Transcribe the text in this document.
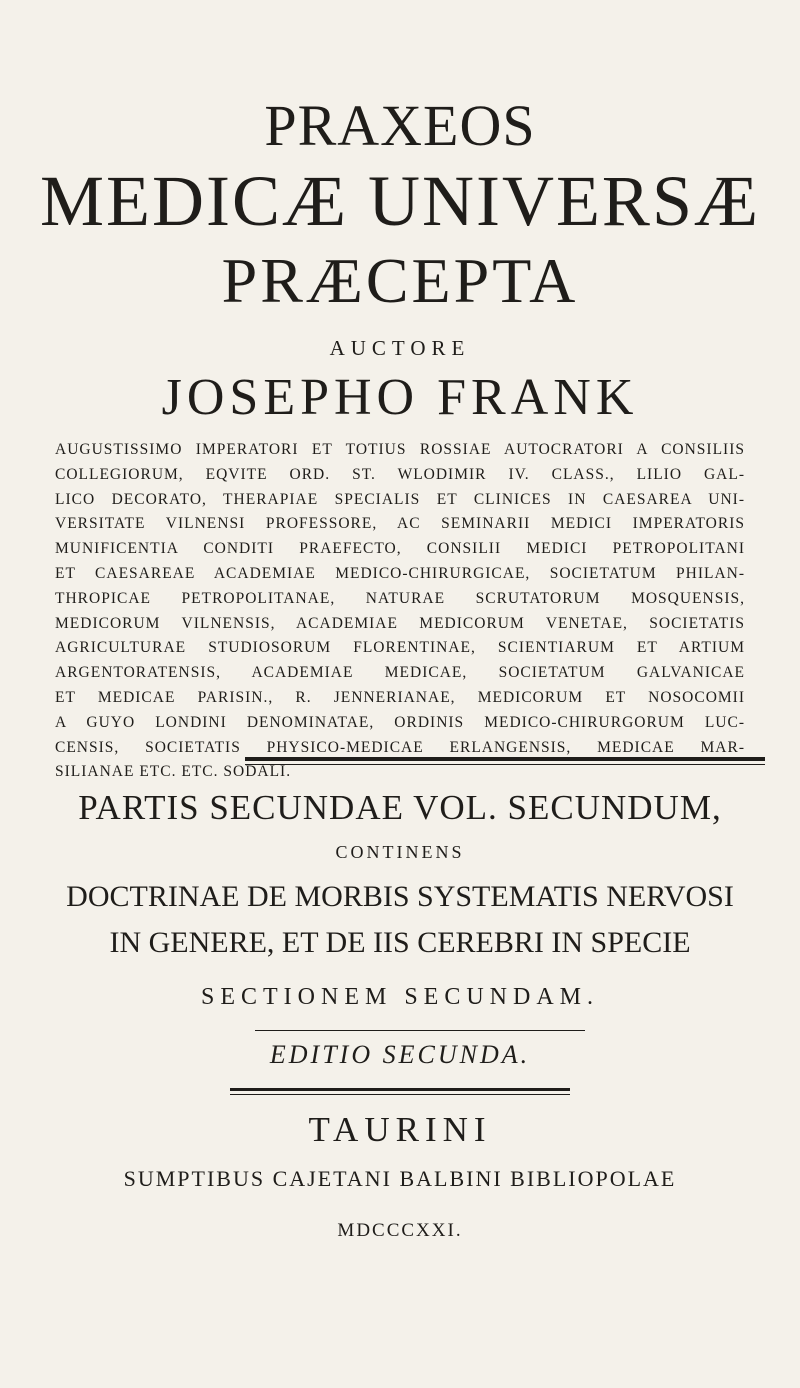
PRAXEOS
MEDICÆ UNIVERSÆ
PRÆCEPTA
AUCTORE
JOSEPHO FRANK
AUGUSTISSIMO IMPERATORI ET TOTIUS ROSSIAE AUTOCRATORI A CONSILIIS
COLLEGIORUM, EQVITE ORD. ST. WLODIMIR IV. CLASS., LILIO GAL-
LICO DECORATO, THERAPIAE SPECIALIS ET CLINICES IN CAESAREA UNI-
VERSITATE VILNENSI PROFESSORE, AC SEMINARII MEDICI IMPERATORIS
MUNIFICENTIA CONDITI PRAEFECTO, CONSILII MEDICI PETROPOLITANI
ET CAESAREAE ACADEMIAE MEDICO-CHIRURGICAE, SOCIETATUM PHILAN-
THROPICAE PETROPOLITANAE, NATURAE SCRUTATORUM MOSQUENSIS,
MEDICORUM VILNENSIS, ACADEMIAE MEDICORUM VENETAE, SOCIETATIS
AGRICULTURAE STUDIOSORUM FLORENTINAE, SCIENTIARUM ET ARTIUM
ARGENTORATENSIS, ACADEMIAE MEDICAE, SOCIETATUM GALVANICAE
ET MEDICAE PARISIN., R. JENNERIANAE, MEDICORUM ET NOSOCOMII
A GUYO LONDINI DENOMINATAE, ORDINIS MEDICO-CHIRURGORUM LUC-
CENSIS, SOCIETATIS PHYSICO-MEDICAE ERLANGENSIS, MEDICAE MAR-
SILIANAE ETC. ETC. SODALI.
PARTIS SECUNDAE VOL. SECUNDUM,
CONTINENS
DOCTRINAE DE MORBIS SYSTEMATIS NERVOSI
IN GENERE, ET DE IIS CEREBRI IN SPECIE
SECTIONEM SECUNDAM.
EDITIO SECUNDA.
TAURINI
SUMPTIBUS CAJETANI BALBINI BIBLIOPOLAE
MDCCCXXI.
